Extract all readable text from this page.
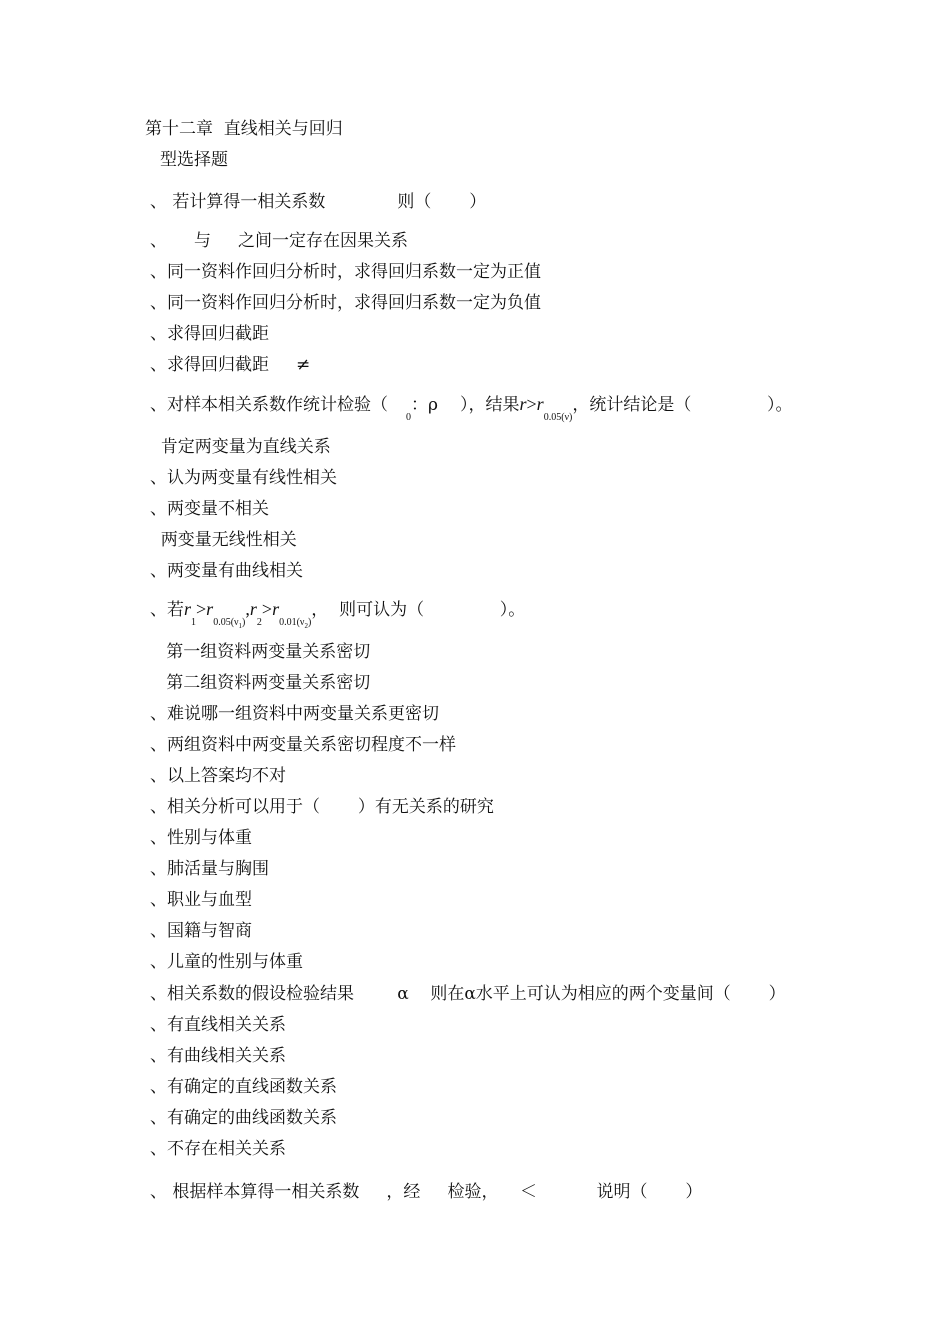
第十二章  直线相关与回归
型选择题
、 若计算得一相关系数	则（       ）
、     与     之间一定存在因果关系
、同一资料作回归分析时，求得回归系数一定为正值
、同一资料作回归分析时，求得回归系数一定为负值
、求得回归截距
、求得回归截距     ≠
、对样本相关系数作统计检验（
0
：ρ ），结果 r > r
0.05(ν)
，统计结论是（              ）。
肯定两变量为直线关系
、认为两变量有线性相关
、两变量不相关
两变量无线性相关
、两变量有曲线相关
、若 r
1
> r
$0.05(\nu_1)$
, r
2
> r
$0.01(\nu_2)$
，  则可认为（              ）。
第一组资料两变量关系密切
第二组资料两变量关系密切
、难说哪一组资料中两变量关系更密切
、两组资料中两变量关系密切程度不一样
、以上答案均不对
、相关分析可以用于（       ）有无关系的研究
、性别与体重
、肺活量与胸围
、职业与血型
、国籍与智商
、儿童的性别与体重
、相关系数的假设检验结果        α    则在α水平上可认为相应的两个变量间（       ）
、有直线相关关系
、有曲线相关关系
、有确定的直线函数关系
、有确定的曲线函数关系
、不存在相关关系
、 根据样本算得一相关系数     ，经     检验，    ＜           说明（       ）
